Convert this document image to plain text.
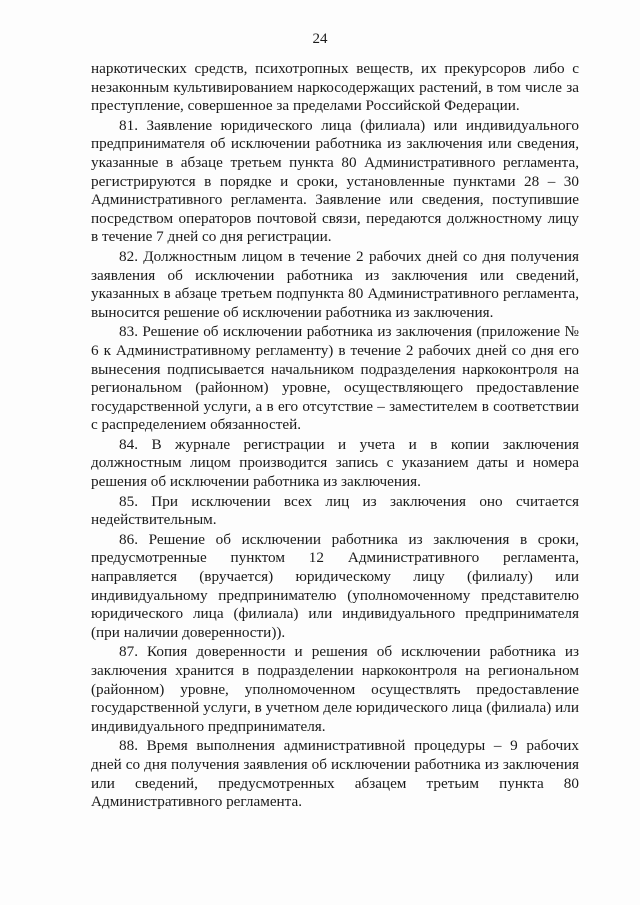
24

наркотических средств, психотропных веществ, их прекурсоров либо с незаконным культивированием наркосодержащих растений, в том числе за преступление, совершенное за пределами Российской Федерации.

81. Заявление юридического лица (филиала) или индивидуального предпринимателя об исключении работника из заключения или сведения, указанные в абзаце третьем пункта 80 Административного регламента, регистрируются в порядке и сроки, установленные пунктами 28 – 30 Административного регламента. Заявление или сведения, поступившие посредством операторов почтовой связи, передаются должностному лицу в течение 7 дней со дня регистрации.

82. Должностным лицом в течение 2 рабочих дней со дня получения заявления об исключении работника из заключения или сведений, указанных в абзаце третьем подпункта 80 Административного регламента, выносится решение об исключении работника из заключения.

83. Решение об исключении работника из заключения (приложение № 6 к Административному регламенту) в течение 2 рабочих дней со дня его вынесения подписывается начальником подразделения наркоконтроля на региональном (районном) уровне, осуществляющего предоставление государственной услуги, а в его отсутствие – заместителем в соответствии с распределением обязанностей.

84. В журнале регистрации и учета и в копии заключения должностным лицом производится запись с указанием даты и номера решения об исключении работника из заключения.

85. При исключении всех лиц из заключения оно считается недействительным.

86. Решение об исключении работника из заключения в сроки, предусмотренные пунктом 12 Административного регламента, направляется (вручается) юридическому лицу (филиалу) или индивидуальному предпринимателю (уполномоченному представителю юридического лица (филиала) или индивидуального предпринимателя (при наличии доверенности)).

87. Копия доверенности и решения об исключении работника из заключения хранится в подразделении наркоконтроля на региональном (районном) уровне, уполномоченном осуществлять предоставление государственной услуги, в учетном деле юридического лица (филиала) или индивидуального предпринимателя.

88. Время выполнения административной процедуры – 9 рабочих дней со дня получения заявления об исключении работника из заключения или сведений, предусмотренных абзацем третьим пункта 80 Административного регламента.
